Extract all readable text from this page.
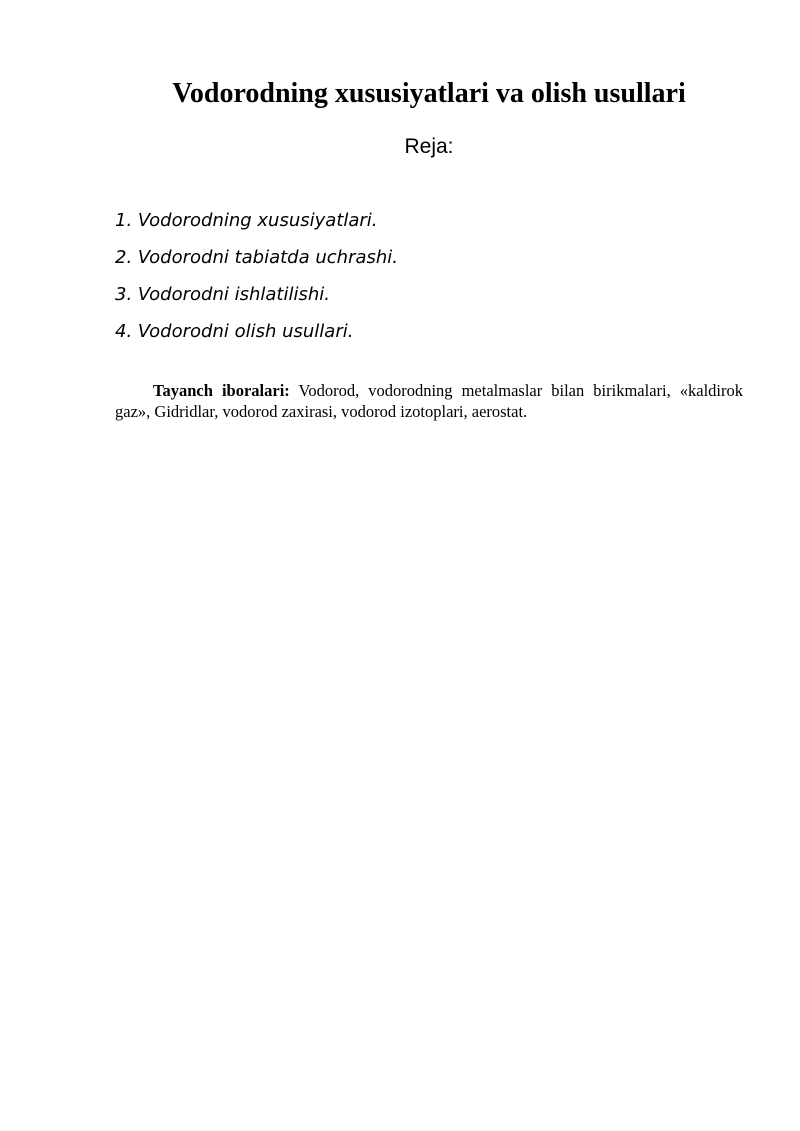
Vodorodning xususiyatlari va olish usullari
Reja:
1. Vodorodning xususiyatlari.
2. Vodorodni tabiatda uchrashi.
3. Vodorodni ishlatilishi.
4. Vodorodni olish usullari.

Tayanch iboralari: Vodorod, vodorodning metalmaslar bilan birikmalari, «kaldirok gaz», Gidridlar, vodorod zaxirasi, vodorod izotoplari, aerostat.
